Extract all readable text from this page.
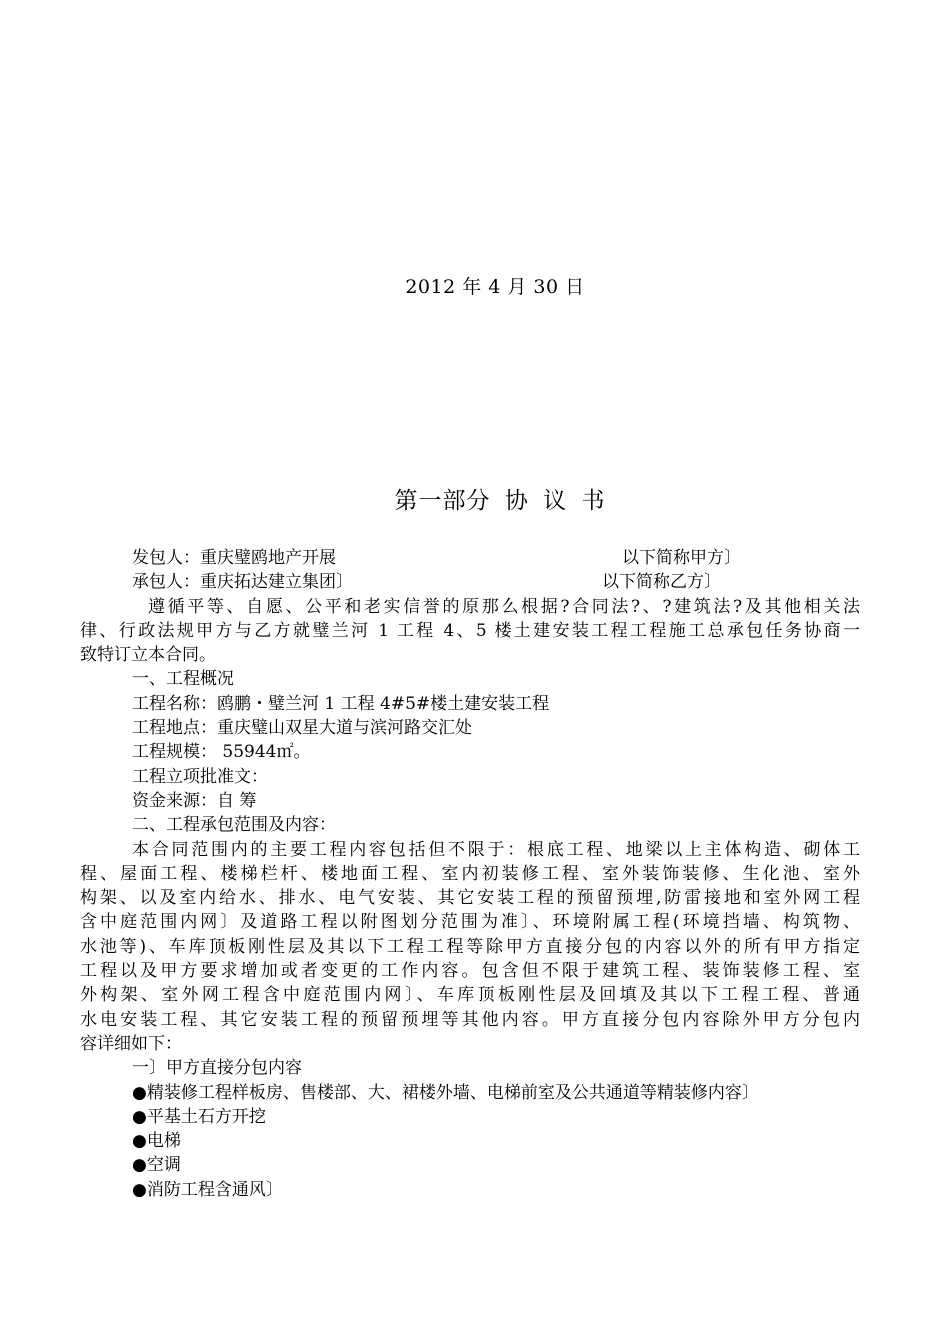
2012 年 4 月 30 日
第一部分 协 议 书
发包人：重庆璧鸥地产开展	以下简称甲方〕
承包人：重庆拓达建立集团〕	以下简称乙方〕
遵循平等、自愿、公平和老实信誉的原那么根据?合同法?、?建筑法?及其他相关法
律、行政法规甲方与乙方就璧兰河 1 工程 4、5 楼土建安装工程工程施工总承包任务协商一
致特订立本合同。
一、工程概况
工程名称：鸥鹏・璧兰河 1 工程 4#5#楼土建安装工程
工程地点：重庆璧山双星大道与滨河路交汇处
工程规模： 55944㎡。
工程立项批准文：
资金来源：自 筹
二、工程承包范围及内容：
本合同范围内的主要工程内容包括但不限于：根底工程、地梁以上主体构造、砌体工
程、屋面工程、楼梯栏杆、楼地面工程、室内初装修工程、室外装饰装修、生化池、室外
构架、以及室内给水、排水、电气安装、其它安装工程的预留预埋,防雷接地和室外网工程
含中庭范围内网〕及道路工程以附图划分范围为准〕、环境附属工程(环境挡墙、构筑物、
水池等)、车库顶板刚性层及其以下工程工程等除甲方直接分包的内容以外的所有甲方指定
工程以及甲方要求增加或者变更的工作内容。包含但不限于建筑工程、装饰装修工程、室
外构架、室外网工程含中庭范围内网〕、车库顶板刚性层及回填及其以下工程工程、普通
水电安装工程、其它安装工程的预留预埋等其他内容。甲方直接分包内容除外甲方分包内
容详细如下：
一〕甲方直接分包内容
●精装修工程样板房、售楼部、大、裙楼外墙、电梯前室及公共通道等精装修内容〕
●平基土石方开挖
●电梯
●空调
●消防工程含通风〕
